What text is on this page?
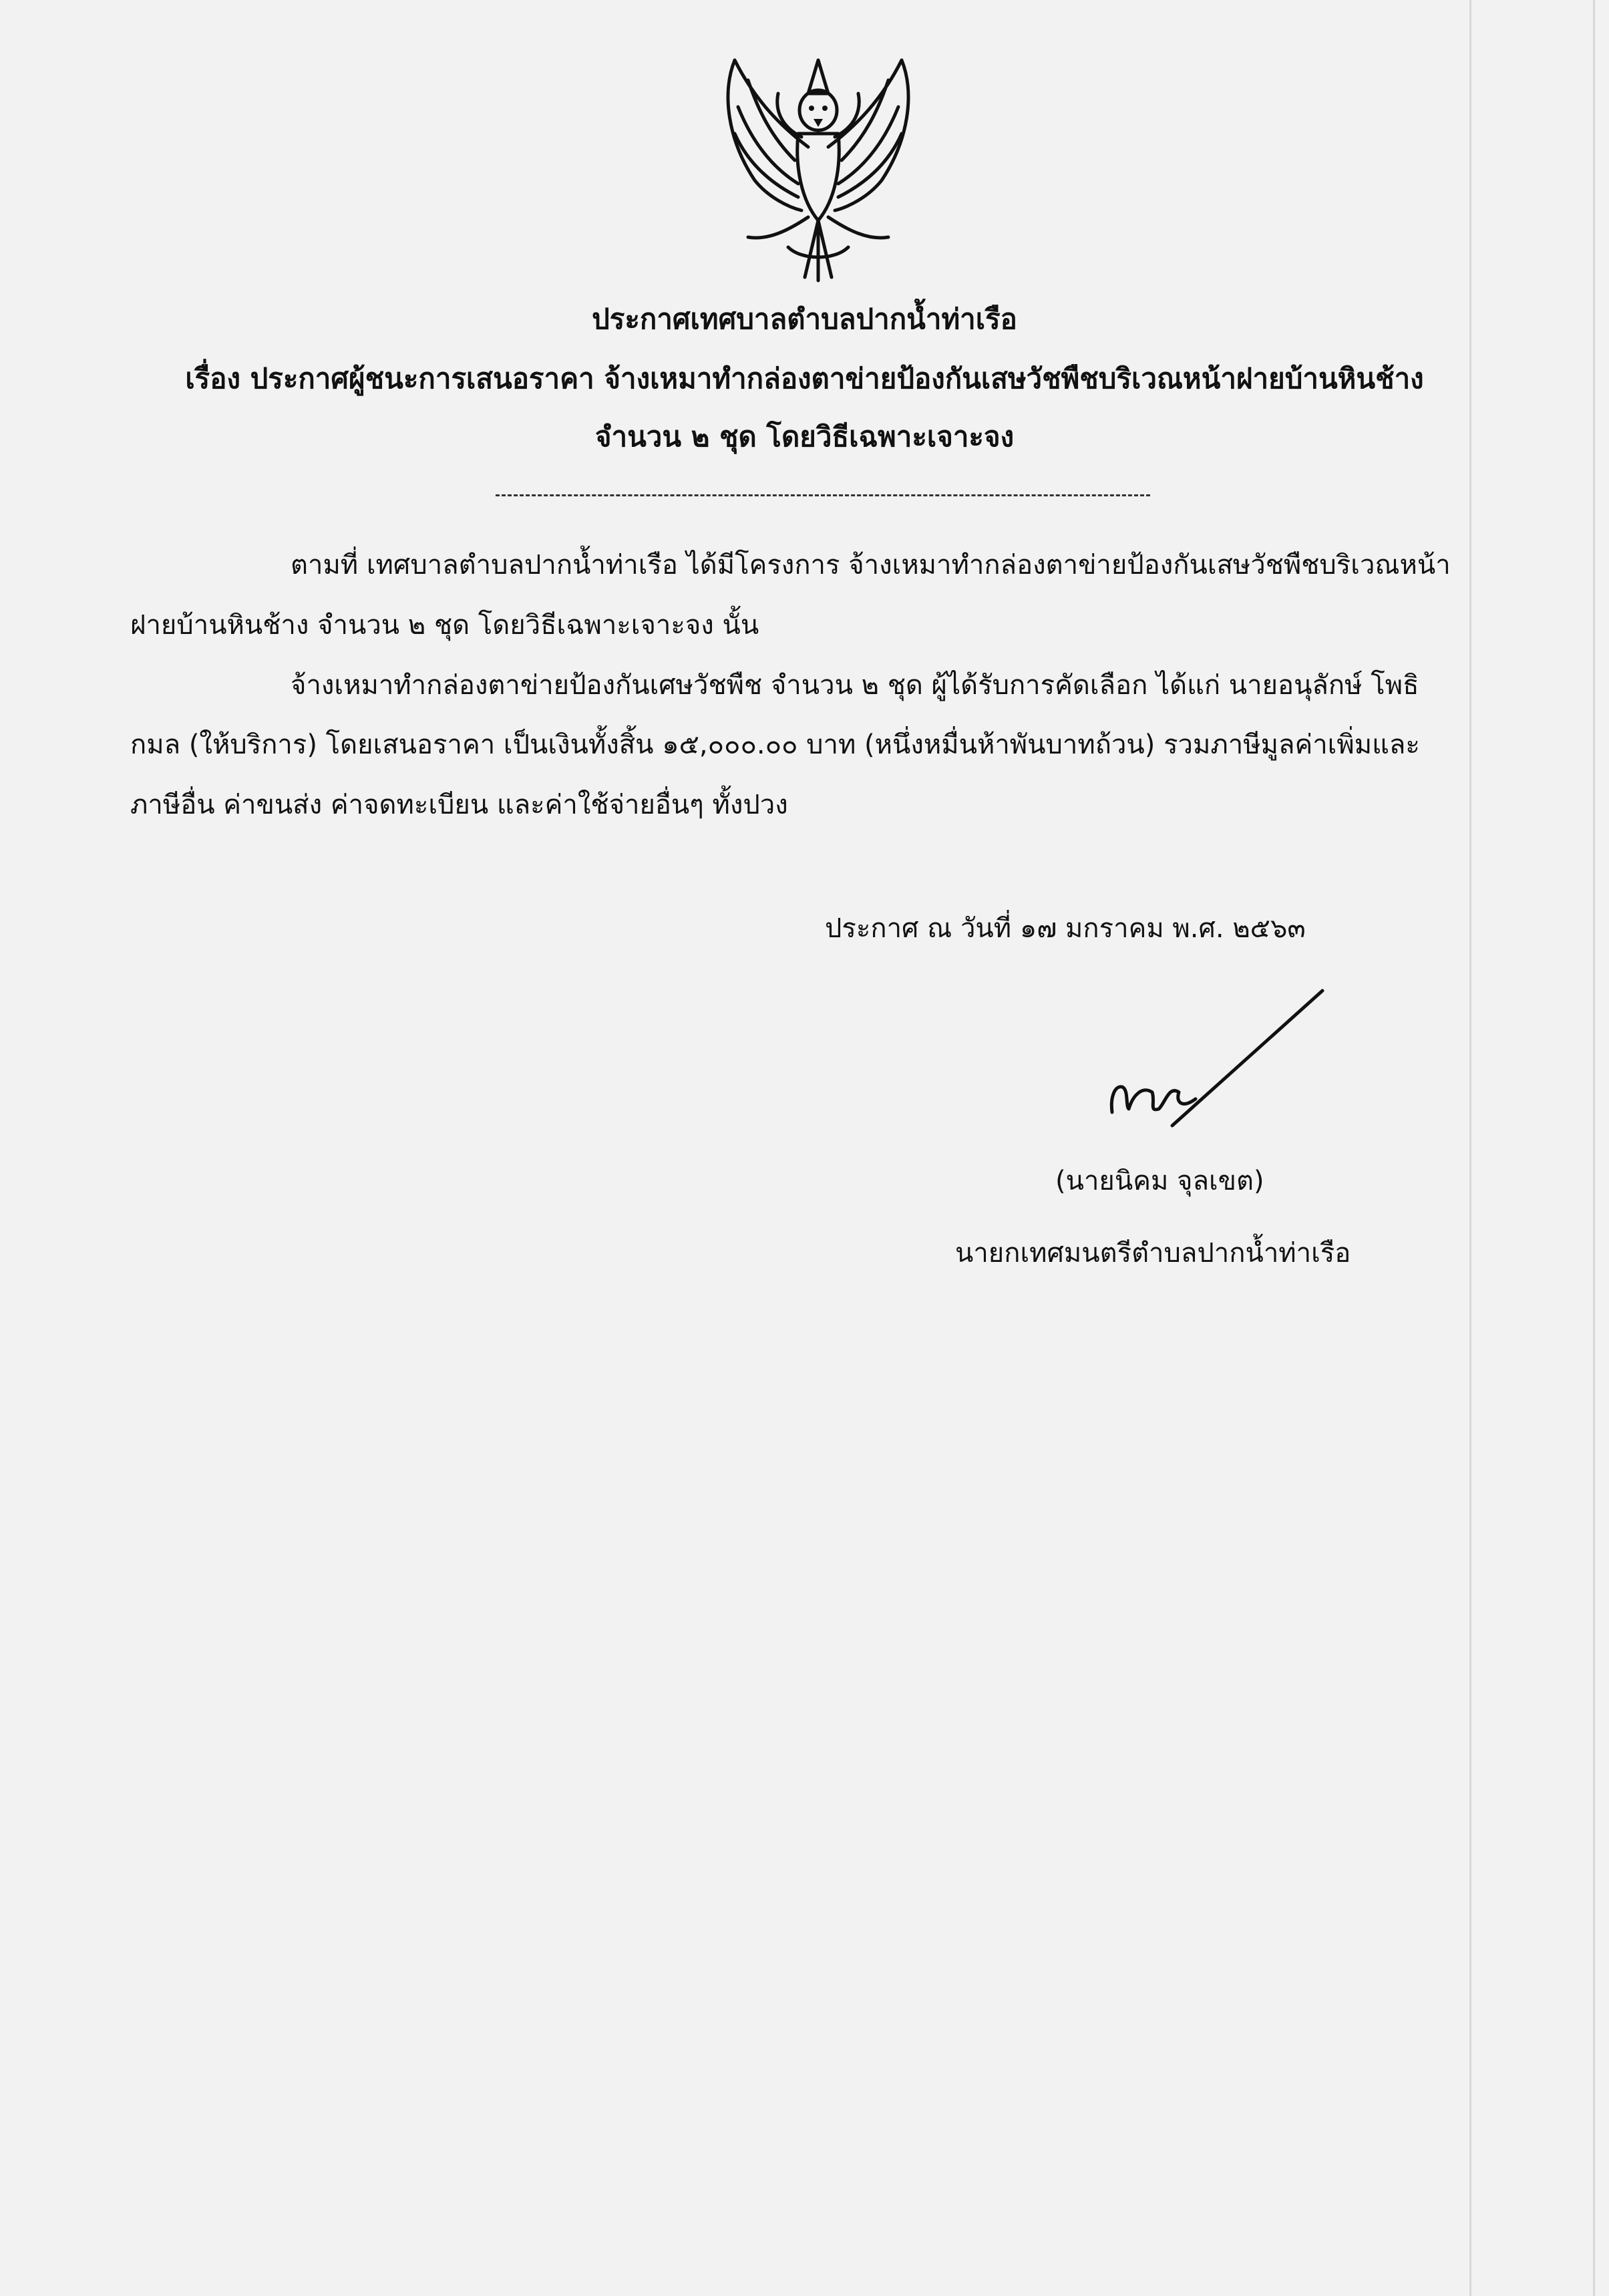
ประกาศเทศบาลตำบลปากน้ำท่าเรือ
เรื่อง ประกาศผู้ชนะการเสนอราคา จ้างเหมาทำกล่องตาข่ายป้องกันเสษวัชพืชบริเวณหน้าฝายบ้านหินช้าง
จำนวน ๒ ชุด โดยวิธีเฉพาะเจาะจง
ตามที่ เทศบาลตำบลปากน้ำท่าเรือ ได้มีโครงการ จ้างเหมาทำกล่องตาข่ายป้องกันเสษวัชพืชบริเวณหน้า
ฝายบ้านหินช้าง จำนวน ๒ ชุด โดยวิธีเฉพาะเจาะจง นั้น
จ้างเหมาทำกล่องตาข่ายป้องกันเศษวัชพืช จำนวน ๒ ชุด ผู้ได้รับการคัดเลือก ได้แก่ นายอนุลักษ์ โพธิ
กมล (ให้บริการ) โดยเสนอราคา เป็นเงินทั้งสิ้น ๑๕,๐๐๐.๐๐ บาท (หนึ่งหมื่นห้าพันบาทถ้วน) รวมภาษีมูลค่าเพิ่มและ
ภาษีอื่น ค่าขนส่ง ค่าจดทะเบียน และค่าใช้จ่ายอื่นๆ ทั้งปวง
ประกาศ ณ วันที่ ๑๗ มกราคม พ.ศ. ๒๕๖๓
(นายนิคม จุลเขต)
นายกเทศมนตรีตำบลปากน้ำท่าเรือ
